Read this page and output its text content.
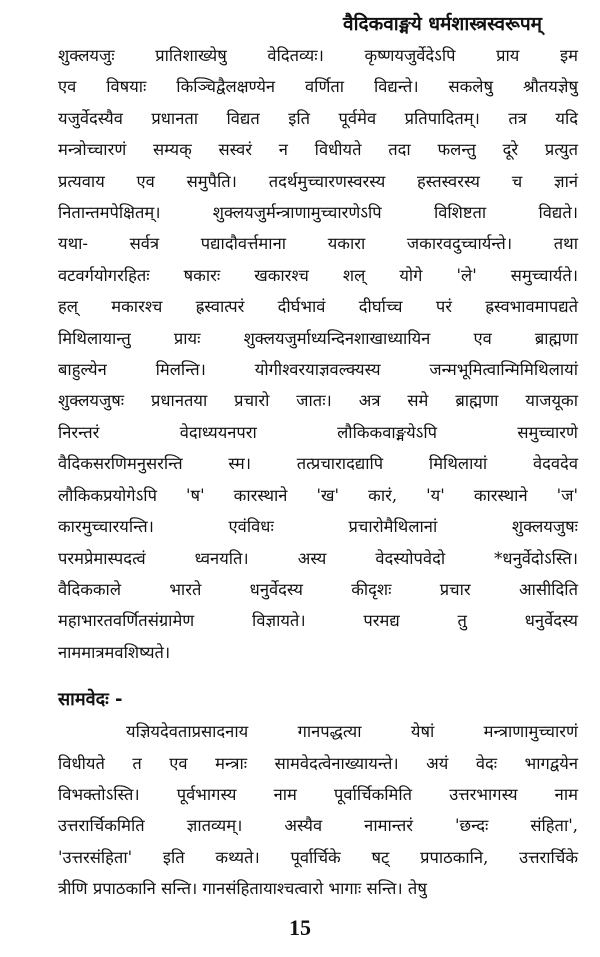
वैदिकवाङ्मये धर्मशास्त्रस्वरूपम्
शुक्लयजुः प्रातिशाख्येषु वेदितव्यः। कृष्णयजुर्वेदेऽपि प्राय इम
एव विषयाः किञ्चिद्वैलक्षण्येन वर्णिता विद्यन्ते। सकलेषु श्रौतयज्ञेषु
यजुर्वेदस्यैव प्रधानता विद्यत इति पूर्वमेव प्रतिपादितम्। तत्र यदि
मन्त्रोच्चारणं सम्यक् सस्वरं न विधीयते तदा फलन्तु दूरे प्रत्युत
प्रत्यवाय एव समुपैति। तदर्थमुच्चारणस्वरस्य हस्तस्वरस्य च ज्ञानं
नितान्तमपेक्षितम्। शुक्लयजुर्मन्त्राणामुच्चारणेऽपि विशिष्टता विद्यते।
यथा- सर्वत्र पद्यादौवर्त्तमाना यकारा जकारवदुच्चार्यन्ते। तथा
वटवर्गयोगरहितः षकारः खकारश्च शल् योगे 'ले' समुच्चार्यते।
हल् मकारश्च ह्रस्वात्परं दीर्घभावं दीर्घाच्च परं ह्रस्वभावमापद्यते
मिथिलायान्तु प्रायः शुक्लयजुर्माध्यन्दिनशाखाध्यायिन एव ब्राह्मणा
बाहुल्येन मिलन्ति। योगीश्वरयाज्ञवल्क्यस्य जन्मभूमित्वान्मिमिथिलायां
शुक्लयजुषः प्रधानतया प्रचारो जातः। अत्र समे ब्राह्मणा याजयूका
निरन्तरं वेदाध्ययनपरा लौकिकवाङ्मयेऽपि समुच्चारणे
वैदिकसरणिमनुसरन्ति स्म। तत्प्रचारादद्यापि मिथिलायां वेदवदेव
लौकिकप्रयोगेऽपि 'ष' कारस्थाने 'ख' कारं, 'य' कारस्थाने 'ज'
कारमुच्चारयन्ति। एवंविधः प्रचारोमैथिलानां शुक्लयजुषः
परमप्रेमास्पदत्वं ध्वनयति। अस्य वेदस्योपवेदो *धनुर्वेदोऽस्ति।
वैदिककाले भारते धनुर्वेदस्य कीदृशः प्रचार आसीदिति
महाभारतवर्णितसंग्रामेण विज्ञायते। परमद्य तु धनुर्वेदस्य
नाममात्रमवशिष्यते।
सामवेदः -
यज्ञियदेवताप्रसादनाय गानपद्धत्या येषां मन्त्राणामुच्चारणं
विधीयते त एव मन्त्राः सामवेदत्वेनाख्यायन्ते। अयं वेदः भागद्वयेन
विभक्तोऽस्ति। पूर्वभागस्य नाम पूर्वार्चिकमिति उत्तरभागस्य नाम
उत्तरार्चिकमिति ज्ञातव्यम्। अस्यैव नामान्तरं 'छन्दः संहिता',
'उत्तरसंहिता' इति कथ्यते। पूर्वार्चिके षट् प्रपाठकानि, उत्तरार्चिके
त्रीणि प्रपाठकानि सन्ति। गानसंहितायाश्चत्वारो भागाः सन्ति। तेषु
15
